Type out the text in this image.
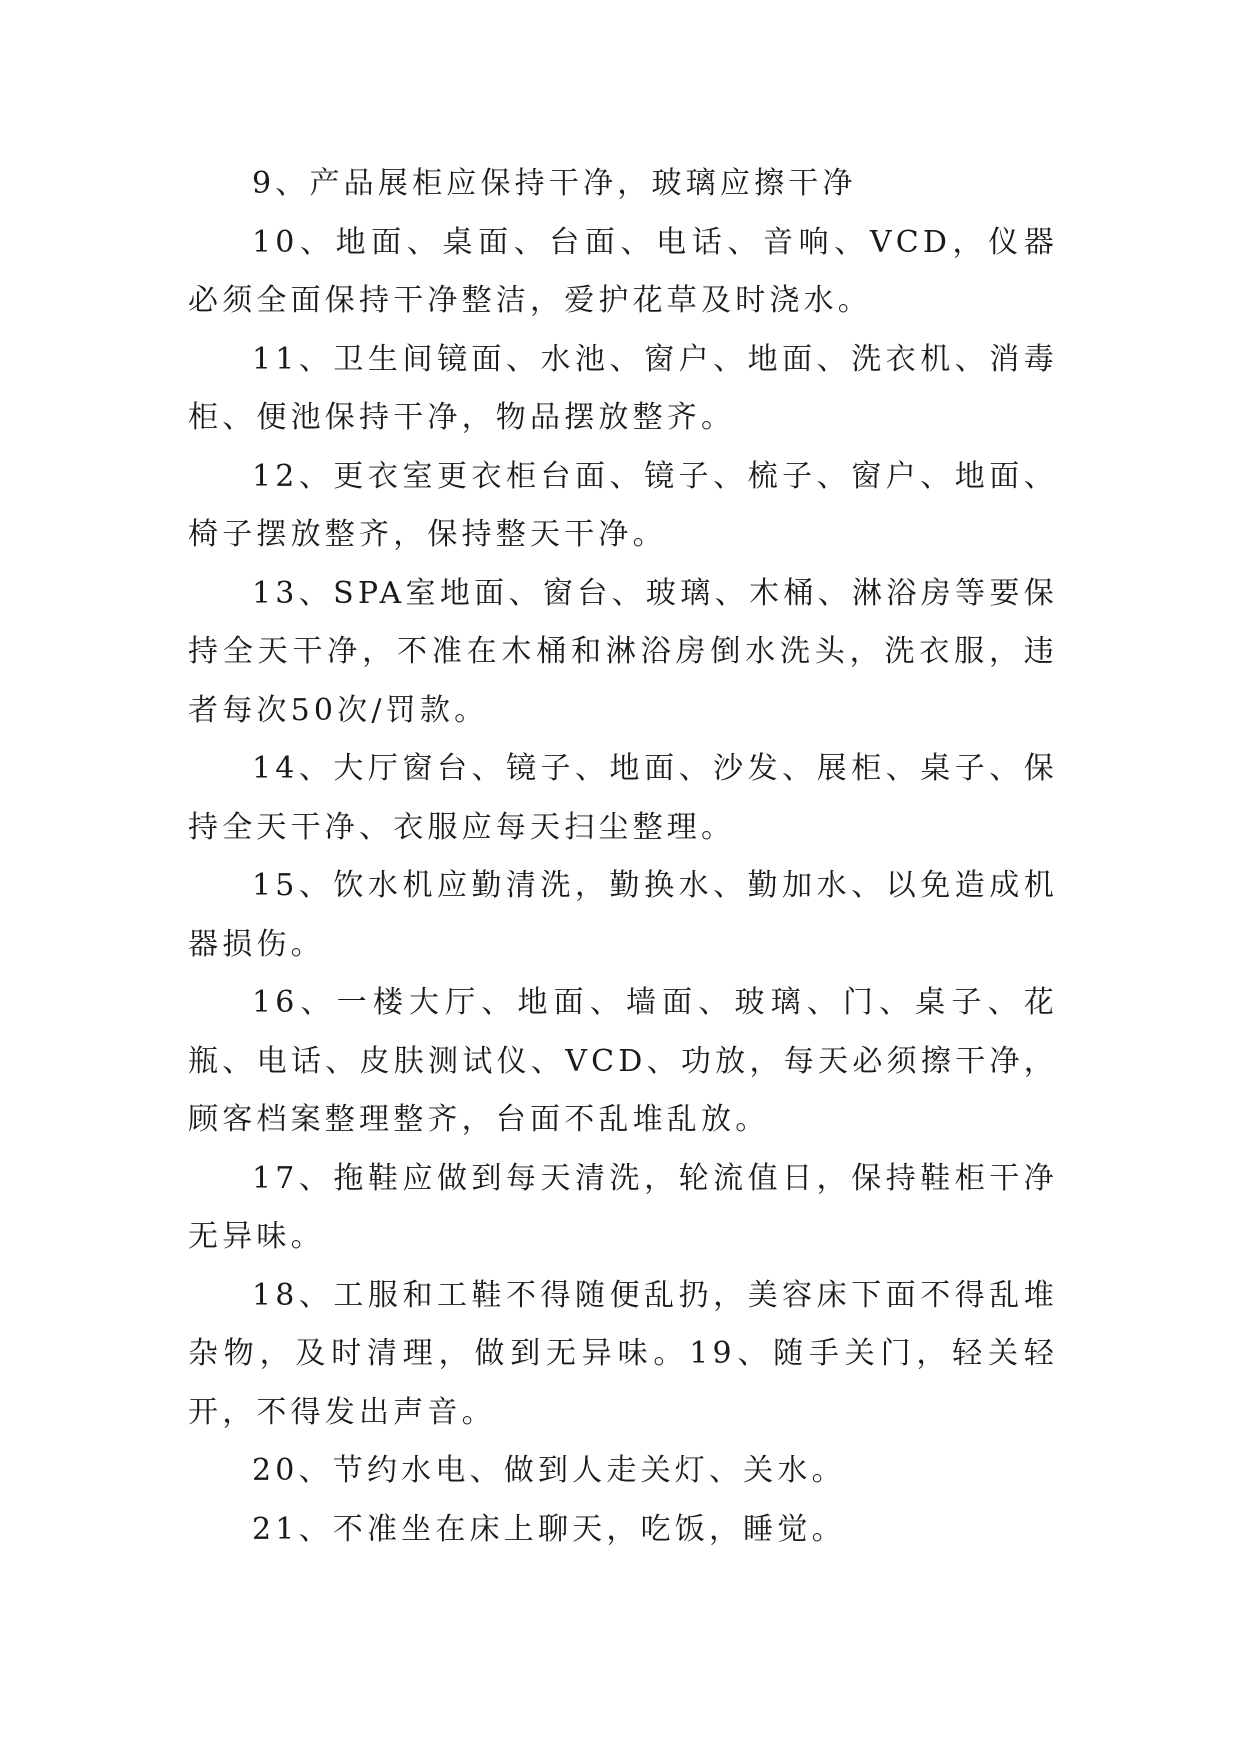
9、产品展柜应保持干净，玻璃应擦干净

10、地面、桌面、台面、电话、音响、VCD，仪器必须全面保持干净整洁，爱护花草及时浇水。

11、卫生间镜面、水池、窗户、地面、洗衣机、消毒柜、便池保持干净，物品摆放整齐。

12、更衣室更衣柜台面、镜子、梳子、窗户、地面、椅子摆放整齐，保持整天干净。

13、SPA室地面、窗台、玻璃、木桶、淋浴房等要保持全天干净，不准在木桶和淋浴房倒水洗头，洗衣服，违者每次50次/罚款。

14、大厅窗台、镜子、地面、沙发、展柜、桌子、保持全天干净、衣服应每天扫尘整理。

15、饮水机应勤清洗，勤换水、勤加水、以免造成机器损伤。

16、一楼大厅、地面、墙面、玻璃、门、桌子、花瓶、电话、皮肤测试仪、VCD、功放，每天必须擦干净，顾客档案整理整齐，台面不乱堆乱放。

17、拖鞋应做到每天清洗，轮流值日，保持鞋柜干净无异味。

18、工服和工鞋不得随便乱扔，美容床下面不得乱堆杂物，及时清理，做到无异味。19、随手关门，轻关轻开，不得发出声音。

20、节约水电、做到人走关灯、关水。

21、不准坐在床上聊天，吃饭，睡觉。
